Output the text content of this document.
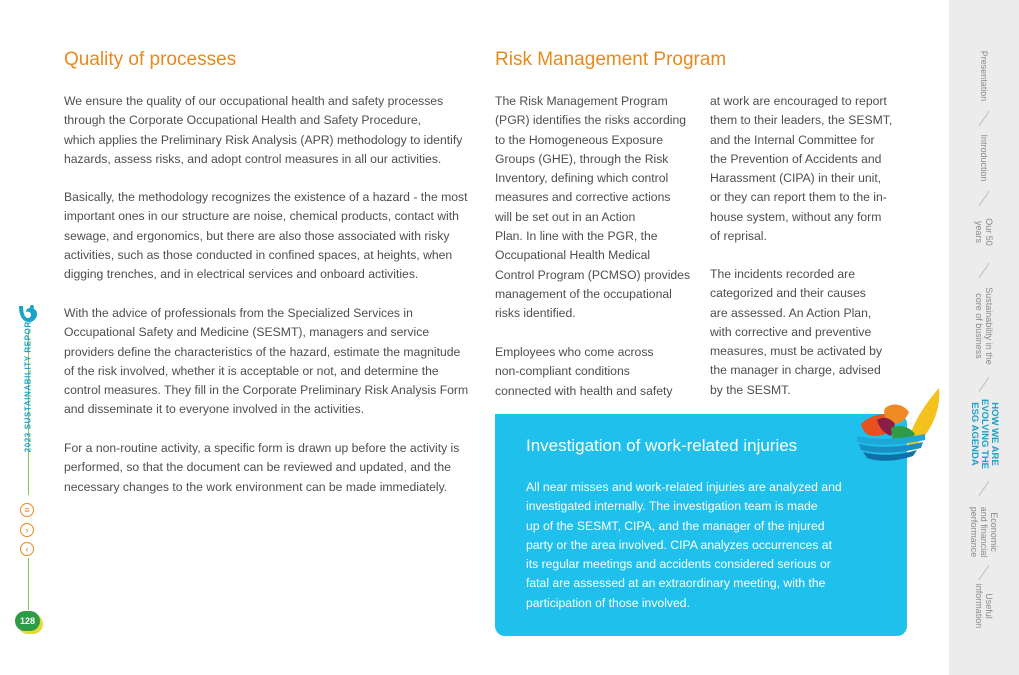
Quality of processes

We ensure the quality of our occupational health and safety processes
through the Corporate Occupational Health and Safety Procedure,
which applies the Preliminary Risk Analysis (APR) methodology to identify
hazards, assess risks, and adopt control measures in all our activities.

Basically, the methodology recognizes the existence of a hazard - the most
important ones in our structure are noise, chemical products, contact with
sewage, and ergonomics, but there are also those associated with risky
activities, such as those conducted in confined spaces, at heights, when
digging trenches, and in electrical services and onboard activities.

With the advice of professionals from the Specialized Services in
Occupational Safety and Medicine (SESMT), managers and service
providers define the characteristics of the hazard, estimate the magnitude
of the risk involved, whether it is acceptable or not, and determine the
control measures. They fill in the Corporate Preliminary Risk Analysis Form
and disseminate it to everyone involved in the activities.

For a non-routine activity, a specific form is drawn up before the activity is
performed, so that the document can be reviewed and updated, and the
necessary changes to the work environment can be made immediately.

Risk Management Program

The Risk Management Program
(PGR) identifies the risks according
to the Homogeneous Exposure
Groups (GHE), through the Risk
Inventory, defining which control
measures and corrective actions
will be set out in an Action
Plan. In line with the PGR, the
Occupational Health Medical
Control Program (PCMSO) provides
management of the occupational
risks identified.

Employees who come across
non-compliant conditions
connected with health and safety

at work are encouraged to report
them to their leaders, the SESMT,
and the Internal Committee for
the Prevention of Accidents and
Harassment (CIPA) in their unit,
or they can report them to the in-
house system, without any form
of reprisal.

The incidents recorded are
categorized and their causes
are assessed. An Action Plan,
with corrective and preventive
measures, must be activated by
the manager in charge, advised
by the SESMT.

Investigation of work-related injuries

All near misses and work-related injuries are analyzed and
investigated internally. The investigation team is made
up of the SESMT, CIPA, and the manager of the injured
party or the area involved. CIPA analyzes occurrences at
its regular meetings and accidents considered serious or
fatal are assessed at an extraordinary meeting, with the
participation of those involved.

2023 SUSTAINABILITY REPORT
≡
›
‹
128
Presentation
Introduction
Our 50
years
Sustainability in the
core of business
HOW WE ARE
EVOLVING THE
ESG AGENDA
Economic
and financial
performance
Useful
information
